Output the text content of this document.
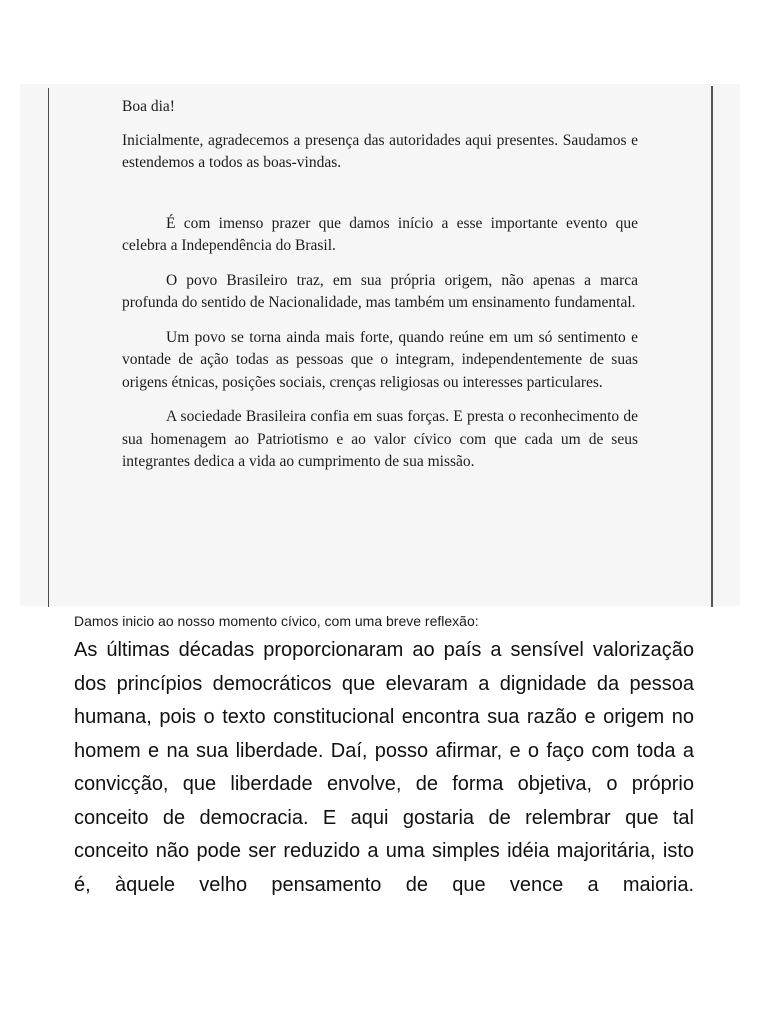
Boa dia!

Inicialmente, agradecemos a presença das autoridades aqui presentes. Saudamos e estendemos a todos as boas-vindas.

É com imenso prazer que damos início a esse importante evento que celebra a Independência do Brasil.

O povo Brasileiro traz, em sua própria origem, não apenas a marca profunda do sentido de Nacionalidade, mas também um ensinamento fundamental.

Um povo se torna ainda mais forte, quando reúne em um só sentimento e vontade de ação todas as pessoas que o integram, independentemente de suas origens étnicas, posições sociais, crenças religiosas ou interesses particulares.

A sociedade Brasileira confia em suas forças. E presta o reconhecimento de sua homenagem ao Patriotismo e ao valor cívico com que cada um de seus integrantes dedica a vida ao cumprimento de sua missão.

Damos inicio ao nosso momento cívico, com uma breve reflexão:

As últimas décadas proporcionaram ao país a sensível valorização dos princípios democráticos que elevaram a dignidade da pessoa humana, pois o texto constitucional encontra sua razão e origem no homem e na sua liberdade. Daí, posso afirmar, e o faço com toda a convicção, que liberdade envolve, de forma objetiva, o próprio conceito de democracia. E aqui gostaria de relembrar que tal conceito não pode ser reduzido a uma simples idéia majoritária, isto é, àquele velho pensamento de que vence a maioria.
